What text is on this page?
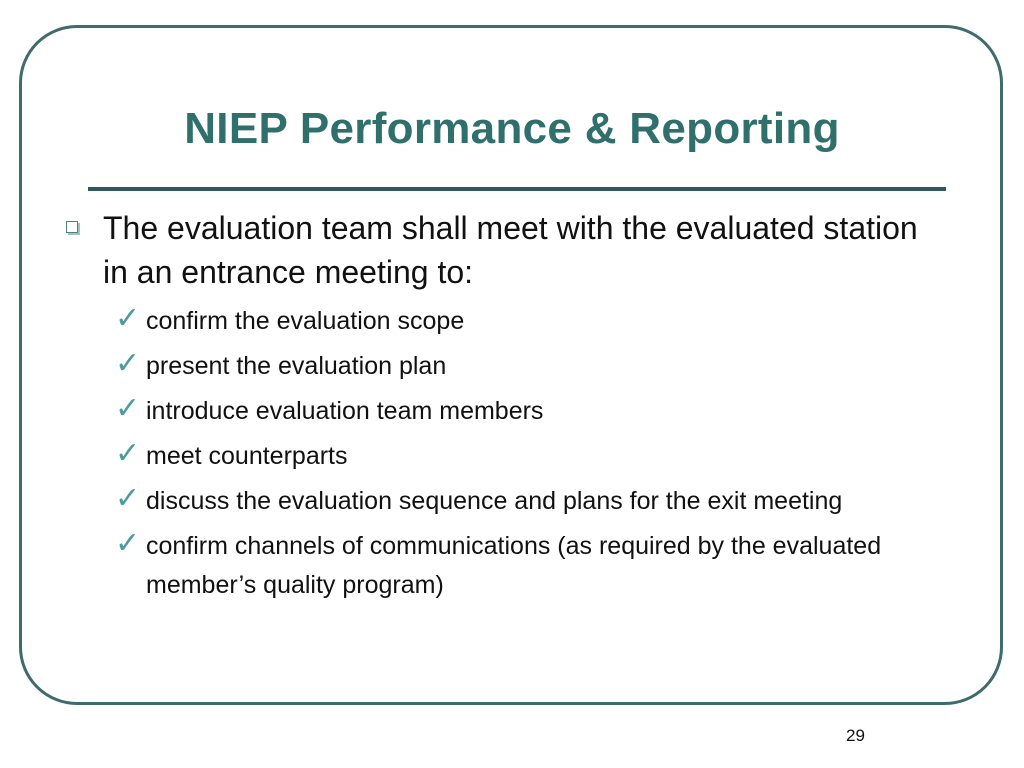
NIEP Performance & Reporting
The evaluation team shall meet with the evaluated station in an entrance meeting to:
✓ confirm the evaluation scope
✓ present the evaluation plan
✓ introduce evaluation team members
✓ meet counterparts
✓ discuss the evaluation sequence and plans for the exit meeting
✓ confirm channels of communications (as required by the evaluated member’s quality program)
29
